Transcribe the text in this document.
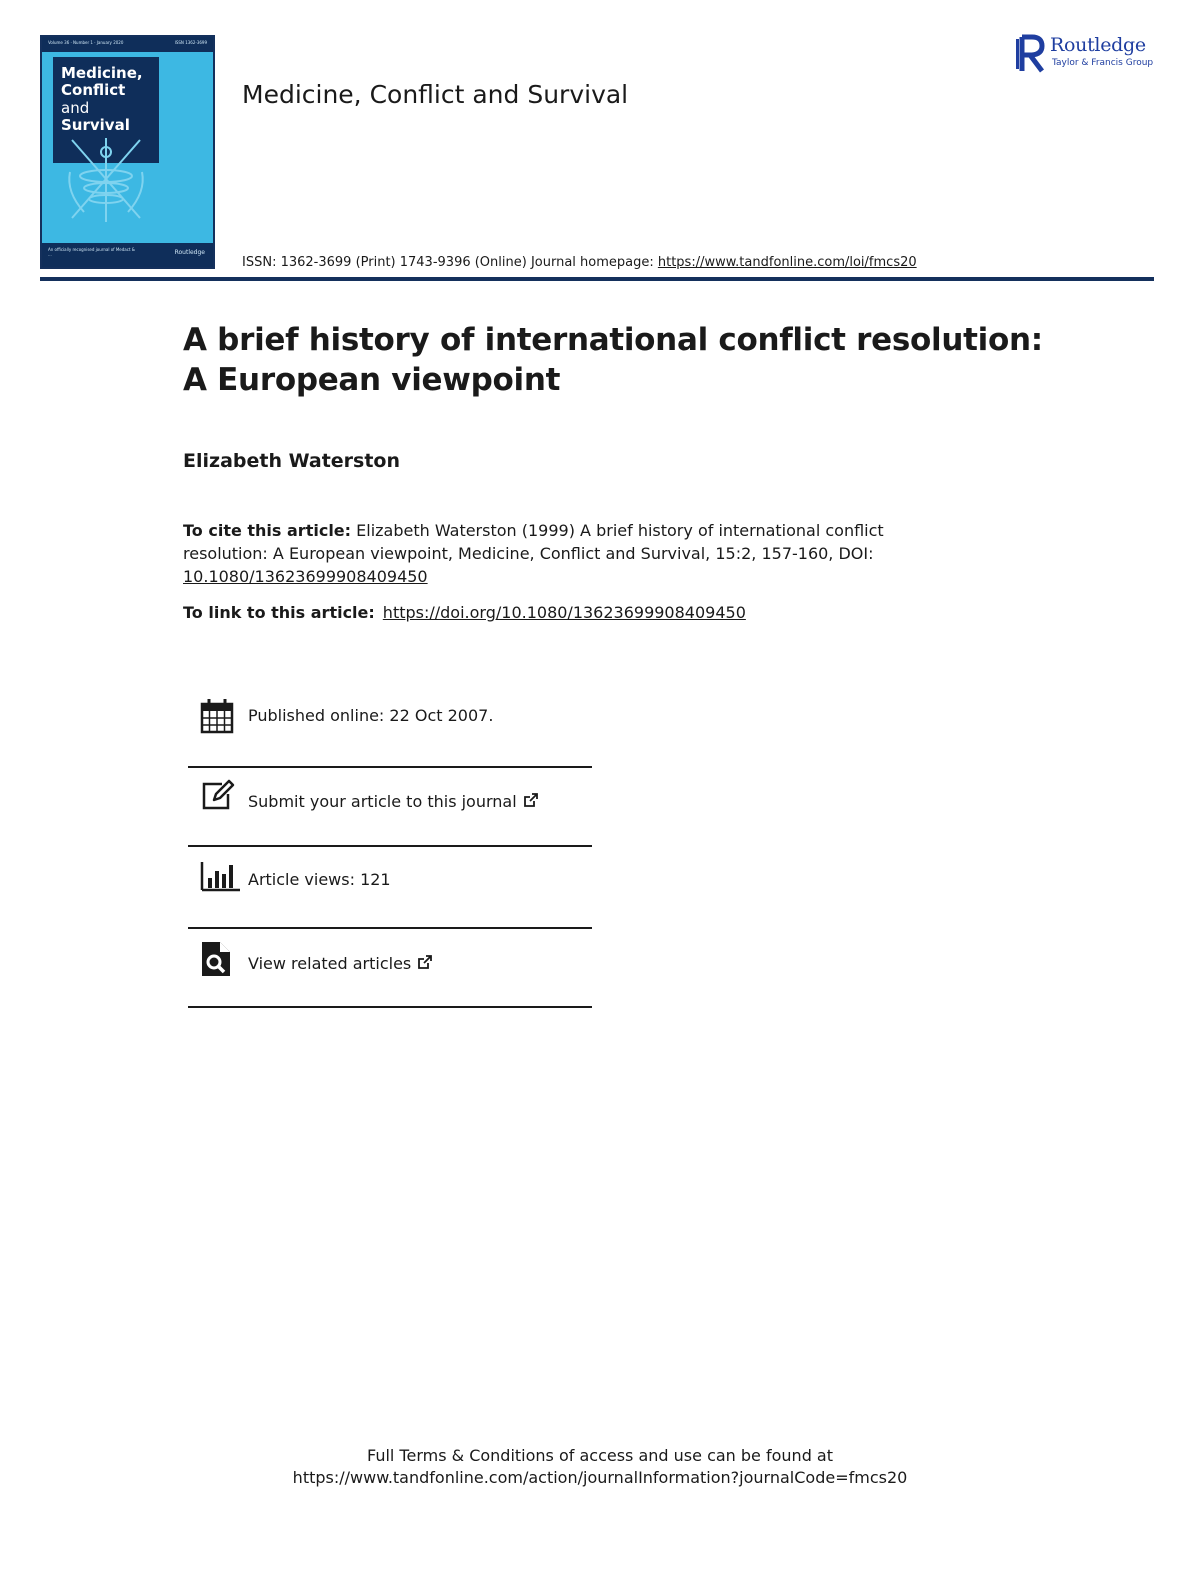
Volume 36 · Number 1 · January 2020	ISSN 1362-3699
Medicine,
Conflict
and Survival
An officially recognised journal of Medact & ...	Routledge
Medicine, Conflict and Survival
Routledge
Taylor & Francis Group
ISSN: 1362-3699 (Print) 1743-9396 (Online) Journal homepage: https://www.tandfonline.com/loi/fmcs20
A brief history of international conflict resolution:
A European viewpoint
Elizabeth Waterston
To cite this article: Elizabeth Waterston (1999) A brief history of international conflict resolution: A European viewpoint, Medicine, Conflict and Survival, 15:2, 157-160, DOI: 10.1080/13623699908409450
To link to this article: https://doi.org/10.1080/13623699908409450
Published online: 22 Oct 2007.
Submit your article to this journal
Article views: 121
View related articles
Full Terms & Conditions of access and use can be found at
https://www.tandfonline.com/action/journalInformation?journalCode=fmcs20
